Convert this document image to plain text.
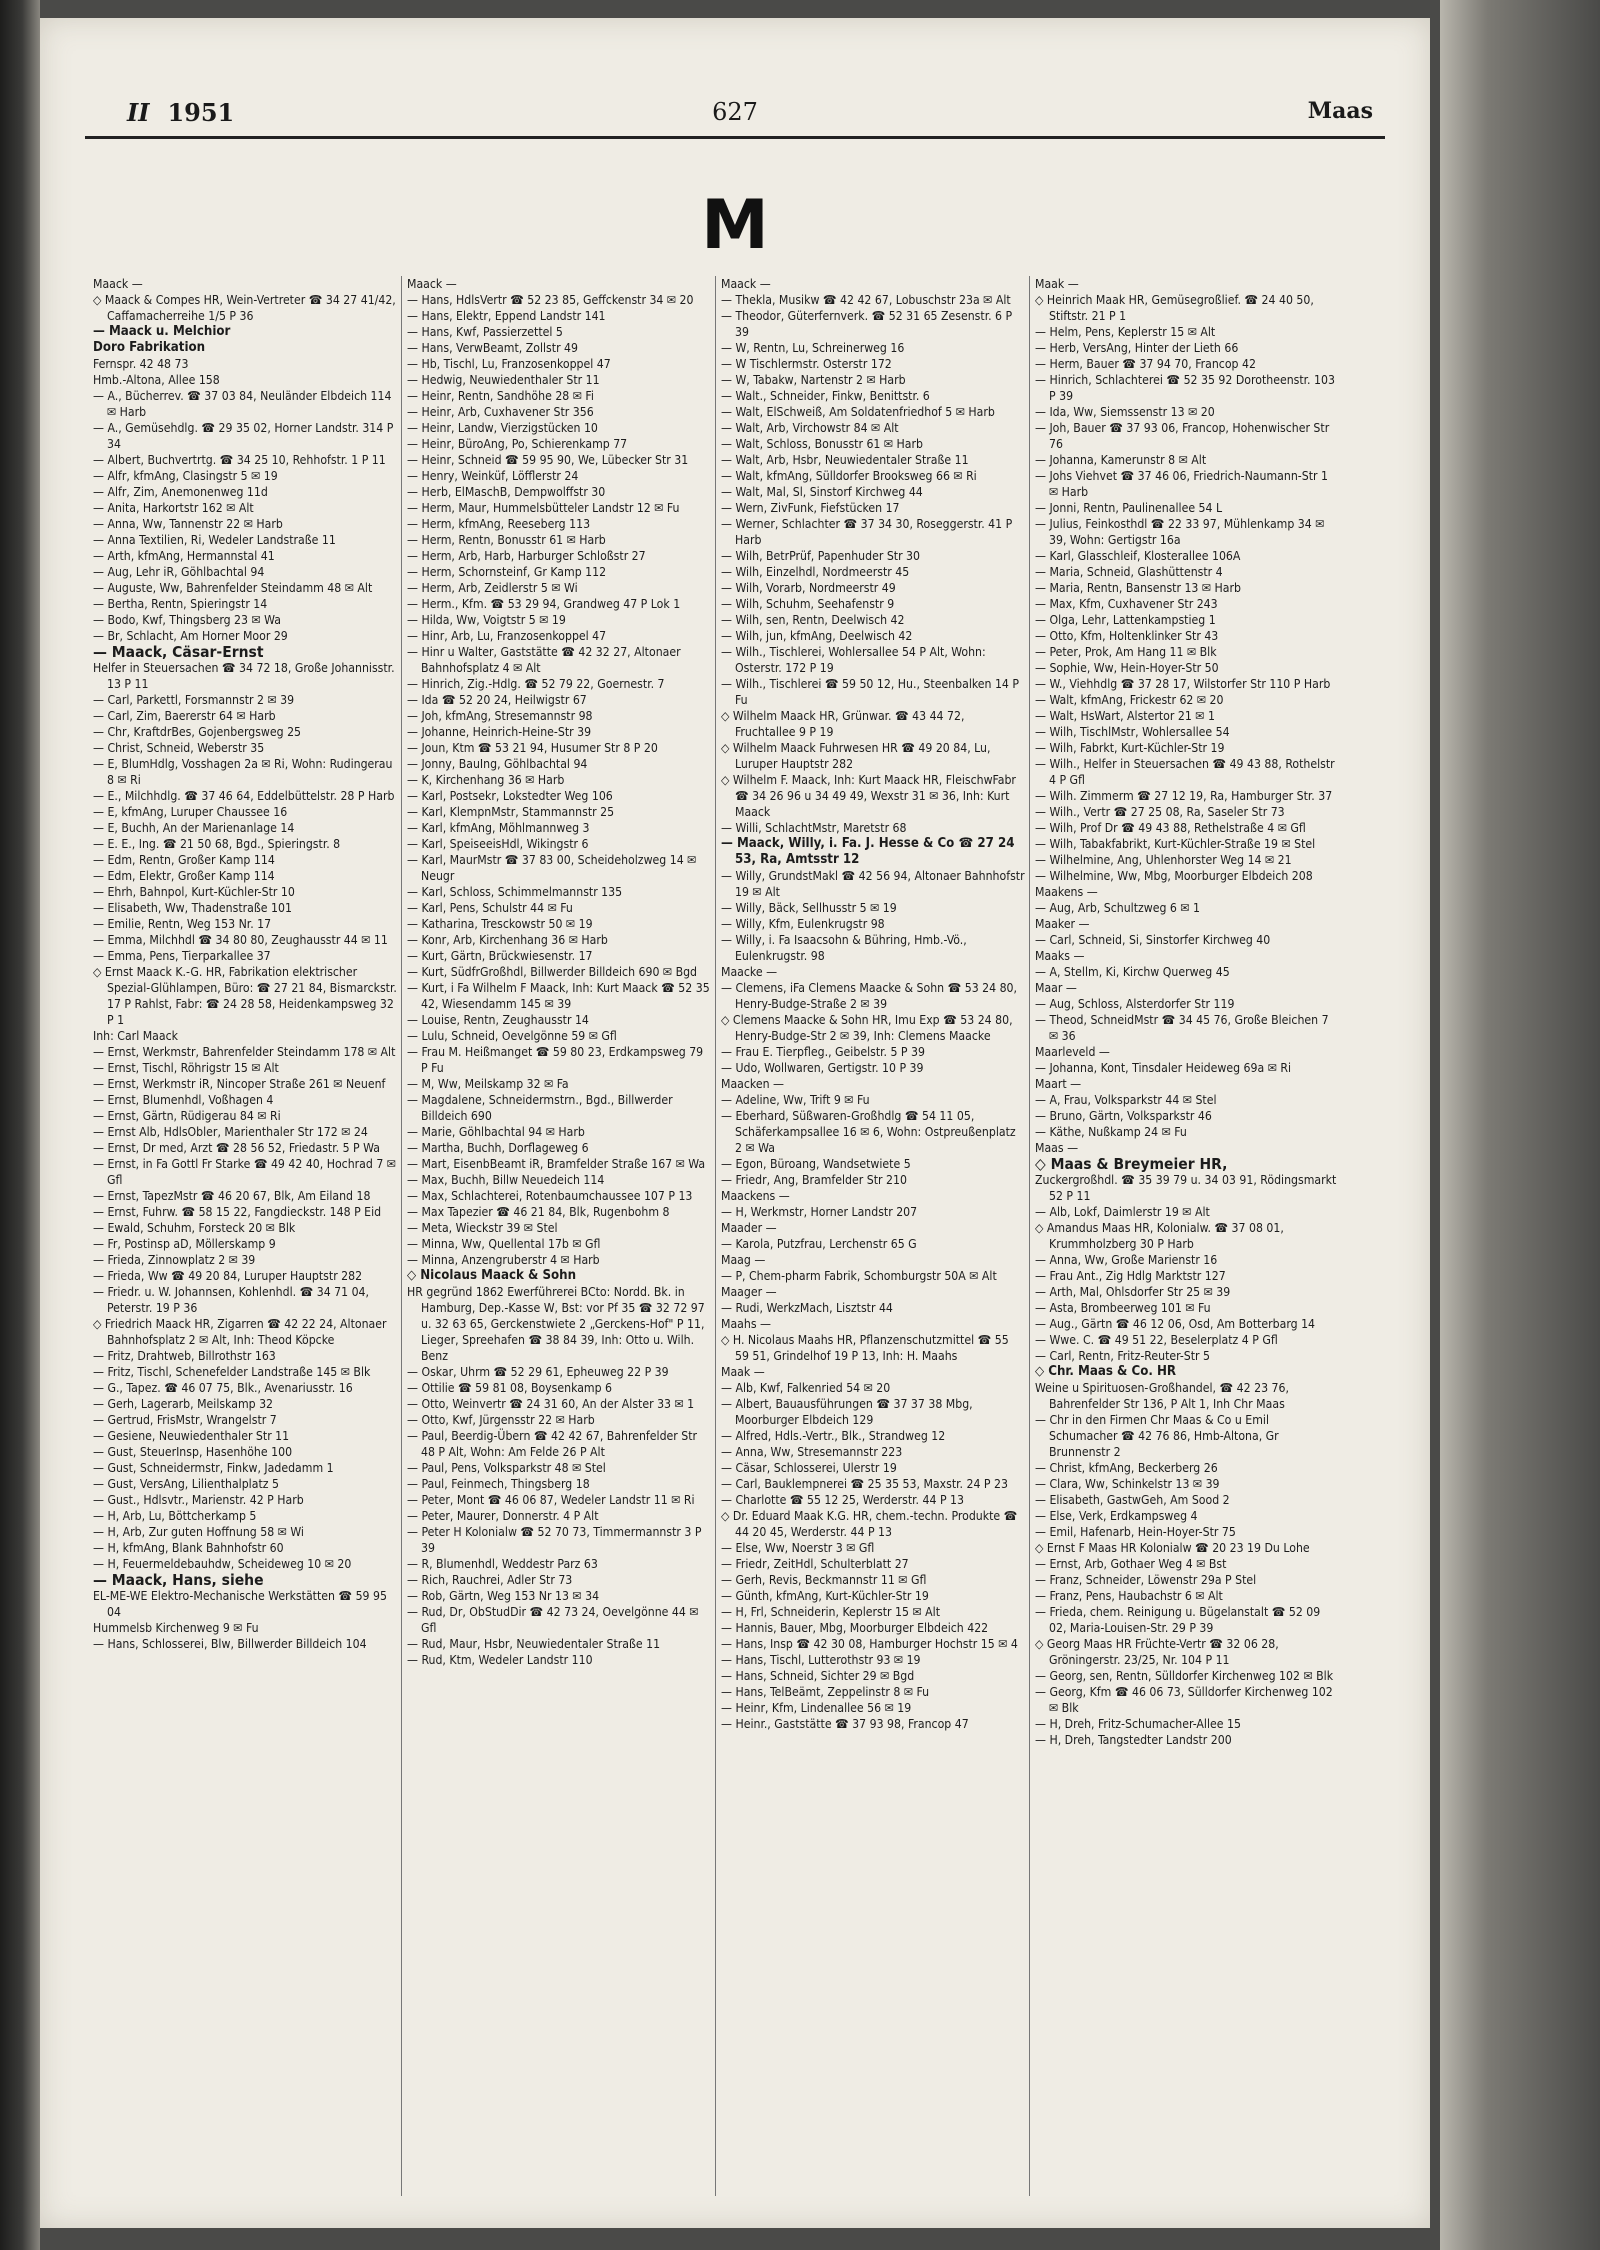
II 1951	627	Maas
M

Maack —

◇ Maack & Compes HR, Wein-Vertreter ☎ 34 27 41/42, Caffamacherreihe 1/5 P 36

— Maack u. Melchior

Doro Fabrikation

Fernspr. 42 48 73

Hmb.-Altona, Allee 158

— A., Bücherrev. ☎ 37 03 84, Neuländer Elbdeich 114 ✉ Harb

— A., Gemüsehdlg. ☎ 29 35 02, Horner Landstr. 314 P 34

— Albert, Buchvertrtg. ☎ 34 25 10, Rehhofstr. 1 P 11

— Alfr, kfmAng, Clasingstr 5 ✉ 19

— Alfr, Zim, Anemonenweg 11d

— Anita, Harkortstr 162 ✉ Alt

— Anna, Ww, Tannenstr 22 ✉ Harb

— Anna Textilien, Ri, Wedeler Landstraße 11

— Arth, kfmAng, Hermannstal 41

— Aug, Lehr iR, Göhlbachtal 94

— Auguste, Ww, Bahrenfelder Steindamm 48 ✉ Alt

— Bertha, Rentn, Spieringstr 14

— Bodo, Kwf, Thingsberg 23 ✉ Wa

— Br, Schlacht, Am Horner Moor 29

— Maack, Cäsar-Ernst

Helfer in Steuersachen ☎ 34 72 18, Große Johannisstr. 13 P 11

— Carl, Parkettl, Forsmannstr 2 ✉ 39

— Carl, Zim, Baererstr 64 ✉ Harb

— Chr, KraftdrBes, Gojenbergsweg 25

— Christ, Schneid, Weberstr 35

— E, BlumHdlg, Vosshagen 2a ✉ Ri, Wohn: Rudingerau 8 ✉ Ri

— E., Milchhdlg. ☎ 37 46 64, Eddelbüttelstr. 28 P Harb

— E, kfmAng, Luruper Chaussee 16

— E, Buchh, An der Marienanlage 14

— E. E., Ing. ☎ 21 50 68, Bgd., Spieringstr. 8

— Edm, Rentn, Großer Kamp 114

— Edm, Elektr, Großer Kamp 114

— Ehrh, Bahnpol, Kurt-Küchler-Str 10

— Elisabeth, Ww, Thadenstraße 101

— Emilie, Rentn, Weg 153 Nr. 17

— Emma, Milchhdl ☎ 34 80 80, Zeughausstr 44 ✉ 11

— Emma, Pens, Tierparkallee 37

◇ Ernst Maack K.-G. HR, Fabrikation elektrischer Spezial-Glühlampen, Büro: ☎ 27 21 84, Bismarckstr. 17 P Rahlst, Fabr: ☎ 24 28 58, Heidenkampsweg 32 P 1

Inh: Carl Maack

— Ernst, Werkmstr, Bahrenfelder Steindamm 178 ✉ Alt

— Ernst, Tischl, Röhrigstr 15 ✉ Alt

— Ernst, Werkmstr iR, Nincoper Straße 261 ✉ Neuenf

— Ernst, Blumenhdl, Voßhagen 4

— Ernst, Gärtn, Rüdigerau 84 ✉ Ri

— Ernst Alb, HdlsObler, Marienthaler Str 172 ✉ 24

— Ernst, Dr med, Arzt ☎ 28 56 52, Friedastr. 5 P Wa

— Ernst, in Fa Gottl Fr Starke ☎ 49 42 40, Hochrad 7 ✉ Gfl

— Ernst, TapezMstr ☎ 46 20 67, Blk, Am Eiland 18

— Ernst, Fuhrw. ☎ 58 15 22, Fangdieckstr. 148 P Eid

— Ewald, Schuhm, Forsteck 20 ✉ Blk

— Fr, Postinsp aD, Möllerskamp 9

— Frieda, Zinnowplatz 2 ✉ 39

— Frieda, Ww ☎ 49 20 84, Luruper Hauptstr 282

— Friedr. u. W. Johannsen, Kohlenhdl. ☎ 34 71 04, Peterstr. 19 P 36

◇ Friedrich Maack HR, Zigarren ☎ 42 22 24, Altonaer Bahnhofsplatz 2 ✉ Alt, Inh: Theod Köpcke

— Fritz, Drahtweb, Billrothstr 163

— Fritz, Tischl, Schenefelder Landstraße 145 ✉ Blk

— G., Tapez. ☎ 46 07 75, Blk., Avenariusstr. 16

— Gerh, Lagerarb, Meilskamp 32

— Gertrud, FrisMstr, Wrangelstr 7

— Gesiene, Neuwiedenthaler Str 11

— Gust, SteuerInsp, Hasenhöhe 100

— Gust, Schneidermstr, Finkw, Jadedamm 1

— Gust, VersAng, Lilienthalplatz 5

— Gust., Hdlsvtr., Marienstr. 42 P Harb

— H, Arb, Lu, Böttcherkamp 5

— H, Arb, Zur guten Hoffnung 58 ✉ Wi

— H, kfmAng, Blank Bahnhofstr 60

— H, Feuermeldebauhdw, Scheideweg 10 ✉ 20

— Maack, Hans, siehe

EL-ME-WE Elektro-Mechanische Werkstätten ☎ 59 95 04

Hummelsb Kirchenweg 9 ✉ Fu

— Hans, Schlosserei, Blw, Billwerder Billdeich 104

Maack —

— Hans, HdlsVertr ☎ 52 23 85, Geffckenstr 34 ✉ 20

— Hans, Elektr, Eppend Landstr 141

— Hans, Kwf, Passierzettel 5

— Hans, VerwBeamt, Zollstr 49

— Hb, Tischl, Lu, Franzosenkoppel 47

— Hedwig, Neuwiedenthaler Str 11

— Heinr, Rentn, Sandhöhe 28 ✉ Fi

— Heinr, Arb, Cuxhavener Str 356

— Heinr, Landw, Vierzigstücken 10

— Heinr, BüroAng, Po, Schierenkamp 77

— Heinr, Schneid ☎ 59 95 90, We, Lübecker Str 31

— Henry, Weinküf, Löfflerstr 24

— Herb, ElMaschB, Dempwolffstr 30

— Herm, Maur, Hummelsbütteler Landstr 12 ✉ Fu

— Herm, kfmAng, Reeseberg 113

— Herm, Rentn, Bonusstr 61 ✉ Harb

— Herm, Arb, Harb, Harburger Schloßstr 27

— Herm, Schornsteinf, Gr Kamp 112

— Herm, Arb, Zeidlerstr 5 ✉ Wi

— Herm., Kfm. ☎ 53 29 94, Grandweg 47 P Lok 1

— Hilda, Ww, Voigtstr 5 ✉ 19

— Hinr, Arb, Lu, Franzosenkoppel 47

— Hinr u Walter, Gaststätte ☎ 42 32 27, Altonaer Bahnhofsplatz 4 ✉ Alt

— Hinrich, Zig.-Hdlg. ☎ 52 79 22, Goernestr. 7

— Ida ☎ 52 20 24, Heilwigstr 67

— Joh, kfmAng, Stresemannstr 98

— Johanne, Heinrich-Heine-Str 39

— Joun, Ktm ☎ 53 21 94, Husumer Str 8 P 20

— Jonny, BauIng, Göhlbachtal 94

— K, Kirchenhang 36 ✉ Harb

— Karl, Postsekr, Lokstedter Weg 106

— Karl, KlempnMstr, Stammannstr 25

— Karl, kfmAng, Möhlmannweg 3

— Karl, SpeiseeisHdl, Wikingstr 6

— Karl, MaurMstr ☎ 37 83 00, Scheideholzweg 14 ✉ Neugr

— Karl, Schloss, Schimmelmannstr 135

— Karl, Pens, Schulstr 44 ✉ Fu

— Katharina, Tresckowstr 50 ✉ 19

— Konr, Arb, Kirchenhang 36 ✉ Harb

— Kurt, Gärtn, Brückwiesenstr. 17

— Kurt, SüdfrGroßhdl, Billwerder Billdeich 690 ✉ Bgd

— Kurt, i Fa Wilhelm F Maack, Inh: Kurt Maack ☎ 52 35 42, Wiesendamm 145 ✉ 39

— Louise, Rentn, Zeughausstr 14

— Lulu, Schneid, Oevelgönne 59 ✉ Gfl

— Frau M. Heißmanget ☎ 59 80 23, Erdkampsweg 79 P Fu

— M, Ww, Meilskamp 32 ✉ Fa

— Magdalene, Schneidermstrn., Bgd., Billwerder Billdeich 690

— Marie, Göhlbachtal 94 ✉ Harb

— Martha, Buchh, Dorflageweg 6

— Mart, EisenbBeamt iR, Bramfelder Straße 167 ✉ Wa

— Max, Buchh, Billw Neuedeich 114

— Max, Schlachterei, Rotenbaumchaussee 107 P 13

— Max Tapezier ☎ 46 21 84, Blk, Rugenbohm 8

— Meta, Wieckstr 39 ✉ Stel

— Minna, Ww, Quellental 17b ✉ Gfl

— Minna, Anzengruberstr 4 ✉ Harb

◇ Nicolaus Maack & Sohn

HR gegründ 1862 Ewerführerei BCto: Nordd. Bk. in Hamburg, Dep.-Kasse W, Bst: vor Pf 35 ☎ 32 72 97 u. 32 63 65, Gerckenstwiete 2 „Gerckens-Hof" P 11, Lieger, Spreehafen ☎ 38 84 39, Inh: Otto u. Wilh. Benz

— Oskar, Uhrm ☎ 52 29 61, Epheuweg 22 P 39

— Ottilie ☎ 59 81 08, Boysenkamp 6

— Otto, Weinvertr ☎ 24 31 60, An der Alster 33 ✉ 1

— Otto, Kwf, Jürgensstr 22 ✉ Harb

— Paul, Beerdig-Übern ☎ 42 42 67, Bahrenfelder Str 48 P Alt, Wohn: Am Felde 26 P Alt

— Paul, Pens, Volksparkstr 48 ✉ Stel

— Paul, Feinmech, Thingsberg 18

— Peter, Mont ☎ 46 06 87, Wedeler Landstr 11 ✉ Ri

— Peter, Maurer, Donnerstr. 4 P Alt

— Peter H Kolonialw ☎ 52 70 73, Timmermannstr 3 P 39

— R, Blumenhdl, Weddestr Parz 63

— Rich, Rauchrei, Adler Str 73

— Rob, Gärtn, Weg 153 Nr 13 ✉ 34

— Rud, Dr, ObStudDir ☎ 42 73 24, Oevelgönne 44 ✉ Gfl

— Rud, Maur, Hsbr, Neuwiedentaler Straße 11

— Rud, Ktm, Wedeler Landstr 110

Maack —

— Thekla, Musikw ☎ 42 42 67, Lobuschstr 23a ✉ Alt

— Theodor, Güterfernverk. ☎ 52 31 65 Zesenstr. 6 P 39

— W, Rentn, Lu, Schreinerweg 16

— W Tischlermstr. Osterstr 172

— W, Tabakw, Nartenstr 2 ✉ Harb

— Walt., Schneider, Finkw, Benittstr. 6

— Walt, ElSchweiß, Am Soldatenfriedhof 5 ✉ Harb

— Walt, Arb, Virchowstr 84 ✉ Alt

— Walt, Schloss, Bonusstr 61 ✉ Harb

— Walt, Arb, Hsbr, Neuwiedentaler Straße 11

— Walt, kfmAng, Sülldorfer Brooksweg 66 ✉ Ri

— Walt, Mal, Sl, Sinstorf Kirchweg 44

— Wern, ZivFunk, Fiefstücken 17

— Werner, Schlachter ☎ 37 34 30, Roseggerstr. 41 P Harb

— Wilh, BetrPrüf, Papenhuder Str 30

— Wilh, Einzelhdl, Nordmeerstr 45

— Wilh, Vorarb, Nordmeerstr 49

— Wilh, Schuhm, Seehafenstr 9

— Wilh, sen, Rentn, Deelwisch 42

— Wilh, jun, kfmAng, Deelwisch 42

— Wilh., Tischlerei, Wohlersallee 54 P Alt, Wohn: Osterstr. 172 P 19

— Wilh., Tischlerei ☎ 59 50 12, Hu., Steenbalken 14 P Fu

◇ Wilhelm Maack HR, Grünwar. ☎ 43 44 72, Fruchtallee 9 P 19

◇ Wilhelm Maack Fuhrwesen HR ☎ 49 20 84, Lu, Luruper Hauptstr 282

◇ Wilhelm F. Maack, Inh: Kurt Maack HR, FleischwFabr ☎ 34 26 96 u 34 49 49, Wexstr 31 ✉ 36, Inh: Kurt Maack

— Willi, SchlachtMstr, Maretstr 68

— Maack, Willy, i. Fa. J. Hesse & Co ☎ 27 24 53, Ra, Amtsstr 12

— Willy, GrundstMakl ☎ 42 56 94, Altonaer Bahnhofstr 19 ✉ Alt

— Willy, Bäck, Sellhusstr 5 ✉ 19

— Willy, Kfm, Eulenkrugstr 98

— Willy, i. Fa Isaacsohn & Bühring, Hmb.-Vö., Eulenkrugstr. 98

Maacke —

— Clemens, iFa Clemens Maacke & Sohn ☎ 53 24 80, Henry-Budge-Straße 2 ✉ 39

◇ Clemens Maacke & Sohn HR, Imu Exp ☎ 53 24 80, Henry-Budge-Str 2 ✉ 39, Inh: Clemens Maacke

— Frau E. Tierpfleg., Geibelstr. 5 P 39

— Udo, Wollwaren, Gertigstr. 10 P 39

Maacken —

— Adeline, Ww, Trift 9 ✉ Fu

— Eberhard, Süßwaren-Großhdlg ☎ 54 11 05, Schäferkampsallee 16 ✉ 6, Wohn: Ostpreußenplatz 2 ✉ Wa

— Egon, Büroang, Wandsetwiete 5

— Friedr, Ang, Bramfelder Str 210

Maackens —

— H, Werkmstr, Horner Landstr 207

Maader —

— Karola, Putzfrau, Lerchenstr 65 G

Maag —

— P, Chem-pharm Fabrik, Schomburgstr 50A ✉ Alt

Maager —

— Rudi, WerkzMach, Lisztstr 44

Maahs —

◇ H. Nicolaus Maahs HR, Pflanzenschutzmittel ☎ 55 59 51, Grindelhof 19 P 13, Inh: H. Maahs

Maak —

— Alb, Kwf, Falkenried 54 ✉ 20

— Albert, Bauausführungen ☎ 37 37 38 Mbg, Moorburger Elbdeich 129

— Alfred, Hdls.-Vertr., Blk., Strandweg 12

— Anna, Ww, Stresemannstr 223

— Cäsar, Schlosserei, Ulerstr 19

— Carl, Bauklempnerei ☎ 25 35 53, Maxstr. 24 P 23

— Charlotte ☎ 55 12 25, Werderstr. 44 P 13

◇ Dr. Eduard Maak K.G. HR, chem.-techn. Produkte ☎ 44 20 45, Werderstr. 44 P 13

— Else, Ww, Noerstr 3 ✉ Gfl

— Friedr, ZeitHdl, Schulterblatt 27

— Gerh, Revis, Beckmannstr 11 ✉ Gfl

— Günth, kfmAng, Kurt-Küchler-Str 19

— H, Frl, Schneiderin, Keplerstr 15 ✉ Alt

— Hannis, Bauer, Mbg, Moorburger Elbdeich 422

— Hans, Insp ☎ 42 30 08, Hamburger Hochstr 15 ✉ 4

— Hans, Tischl, Lutterothstr 93 ✉ 19

— Hans, Schneid, Sichter 29 ✉ Bgd

— Hans, TelBeämt, Zeppelinstr 8 ✉ Fu

— Heinr, Kfm, Lindenallee 56 ✉ 19

— Heinr., Gaststätte ☎ 37 93 98, Francop 47

Maak —

◇ Heinrich Maak HR, Gemüsegroßlief. ☎ 24 40 50, Stiftstr. 21 P 1

— Helm, Pens, Keplerstr 15 ✉ Alt

— Herb, VersAng, Hinter der Lieth 66

— Herm, Bauer ☎ 37 94 70, Francop 42

— Hinrich, Schlachterei ☎ 52 35 92 Dorotheenstr. 103 P 39

— Ida, Ww, Siemssenstr 13 ✉ 20

— Joh, Bauer ☎ 37 93 06, Francop, Hohenwischer Str 76

— Johanna, Kamerunstr 8 ✉ Alt

— Johs Viehvet ☎ 37 46 06, Friedrich-Naumann-Str 1 ✉ Harb

— Jonni, Rentn, Paulinenallee 54 L

— Julius, Feinkosthdl ☎ 22 33 97, Mühlenkamp 34 ✉ 39, Wohn: Gertigstr 16a

— Karl, Glasschleif, Klosterallee 106A

— Maria, Schneid, Glashüttenstr 4

— Maria, Rentn, Bansenstr 13 ✉ Harb

— Max, Kfm, Cuxhavener Str 243

— Olga, Lehr, Lattenkampstieg 1

— Otto, Kfm, Holtenklinker Str 43

— Peter, Prok, Am Hang 11 ✉ Blk

— Sophie, Ww, Hein-Hoyer-Str 50

— W., Viehhdlg ☎ 37 28 17, Wilstorfer Str 110 P Harb

— Walt, kfmAng, Frickestr 62 ✉ 20

— Walt, HsWart, Alstertor 21 ✉ 1

— Wilh, TischlMstr, Wohlersallee 54

— Wilh, Fabrkt, Kurt-Küchler-Str 19

— Wilh., Helfer in Steuersachen ☎ 49 43 88, Rothelstr 4 P Gfl

— Wilh. Zimmerm ☎ 27 12 19, Ra, Hamburger Str. 37

— Wilh., Vertr ☎ 27 25 08, Ra, Saseler Str 73

— Wilh, Prof Dr ☎ 49 43 88, Rethelstraße 4 ✉ Gfl

— Wilh, Tabakfabrikt, Kurt-Küchler-Straße 19 ✉ Stel

— Wilhelmine, Ang, Uhlenhorster Weg 14 ✉ 21

— Wilhelmine, Ww, Mbg, Moorburger Elbdeich 208

Maakens —

— Aug, Arb, Schultzweg 6 ✉ 1

Maaker —

— Carl, Schneid, Si, Sinstorfer Kirchweg 40

Maaks —

— A, Stellm, Ki, Kirchw Querweg 45

Maar —

— Aug, Schloss, Alsterdorfer Str 119

— Theod, SchneidMstr ☎ 34 45 76, Große Bleichen 7 ✉ 36

Maarleveld —

— Johanna, Kont, Tinsdaler Heideweg 69a ✉ Ri

Maart —

— A, Frau, Volksparkstr 44 ✉ Stel

— Bruno, Gärtn, Volksparkstr 46

— Käthe, Nußkamp 24 ✉ Fu

Maas —

◇ Maas & Breymeier HR,

Zuckergroßhdl. ☎ 35 39 79 u. 34 03 91, Rödingsmarkt 52 P 11

— Alb, Lokf, Daimlerstr 19 ✉ Alt

◇ Amandus Maas HR, Kolonialw. ☎ 37 08 01, Krummholzberg 30 P Harb

— Anna, Ww, Große Marienstr 16

— Frau Ant., Zig Hdlg Marktstr 127

— Arth, Mal, Ohlsdorfer Str 25 ✉ 39

— Asta, Brombeerweg 101 ✉ Fu

— Aug., Gärtn ☎ 46 12 06, Osd, Am Botterbarg 14

— Wwe. C. ☎ 49 51 22, Beselerplatz 4 P Gfl

— Carl, Rentn, Fritz-Reuter-Str 5

◇ Chr. Maas & Co. HR

Weine u Spirituosen-Großhandel, ☎ 42 23 76, Bahrenfelder Str 136, P Alt 1, Inh Chr Maas

— Chr in den Firmen Chr Maas & Co u Emil Schumacher ☎ 42 76 86, Hmb-Altona, Gr Brunnenstr 2

— Christ, kfmAng, Beckerberg 26

— Clara, Ww, Schinkelstr 13 ✉ 39

— Elisabeth, GastwGeh, Am Sood 2

— Else, Verk, Erdkampsweg 4

— Emil, Hafenarb, Hein-Hoyer-Str 75

◇ Ernst F Maas HR Kolonialw ☎ 20 23 19 Du Lohe

— Ernst, Arb, Gothaer Weg 4 ✉ Bst

— Franz, Schneider, Löwenstr 29a P Stel

— Franz, Pens, Haubachstr 6 ✉ Alt

— Frieda, chem. Reinigung u. Bügelanstalt ☎ 52 09 02, Maria-Louisen-Str. 29 P 39

◇ Georg Maas HR Früchte-Vertr ☎ 32 06 28, Gröningerstr. 23/25, Nr. 104 P 11

— Georg, sen, Rentn, Sülldorfer Kirchenweg 102 ✉ Blk

— Georg, Kfm ☎ 46 06 73, Sülldorfer Kirchenweg 102 ✉ Blk

— H, Dreh, Fritz-Schumacher-Allee 15

— H, Dreh, Tangstedter Landstr 200
